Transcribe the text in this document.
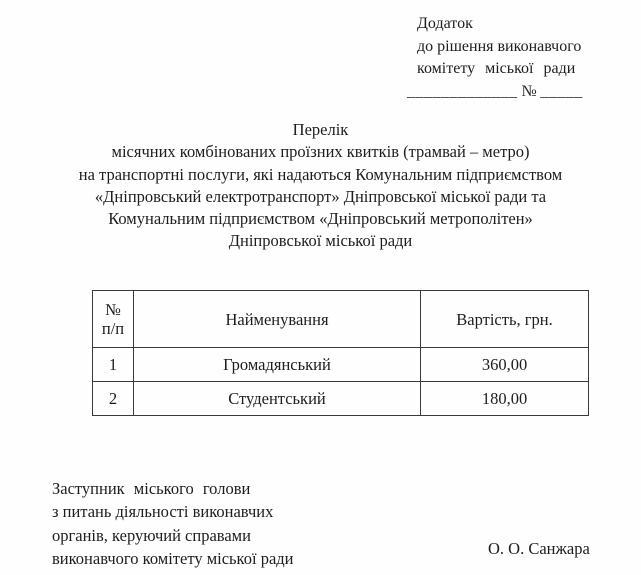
Додаток
до рішення виконавчого
комітету міської ради
_____________ № _____
Перелік
місячних комбінованих проїзних квитків (трамвай – метро)
на транспортні послуги, які надаються Комунальним підприємством
«Дніпровський електротранспорт» Дніпровської міської ради та
Комунальним підприємством «Дніпровський метрополітен»
Дніпровської міської ради
№
п/п	Найменування	Вартість, грн.
1	Громадянський	360,00
2	Студентський	180,00
Заступник міського голови
з питань діяльності виконавчих
органів, керуючий справами
виконавчого комітету міської ради
О. О. Санжара
